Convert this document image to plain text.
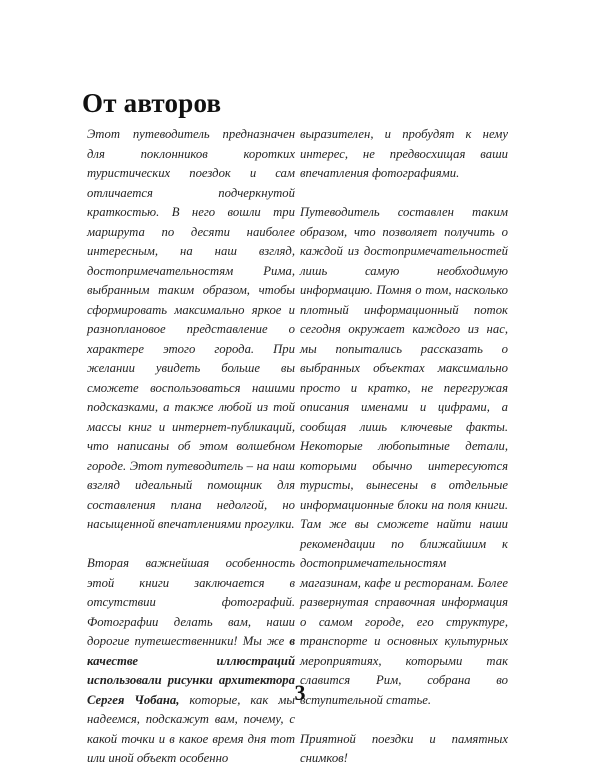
От авторов

Этот путеводитель предназначен для поклонников коротких туристических поездок и сам отличается подчеркнутой краткостью. В него вошли три маршрута по десяти наиболее интересным, на наш взгляд, достопримечательностям Рима, выбранным таким образом, чтобы сформировать максимально яркое и разноплановое представление о характере этого города. При желании увидеть больше вы сможете воспользоваться нашими подсказками, а также любой из той массы книг и интернет-публикаций, что написаны об этом волшебном городе. Этот путеводитель – на наш взгляд идеальный помощник для составления плана недолгой, но насыщенной впечатлениями прогулки.

Вторая важнейшая особенность этой книги заключается в отсутствии фотографий. Фотографии делать вам, наши дорогие путешественники! Мы же в качестве иллюстраций использовали рисунки архитектора Сергея Чобана, которые, как мы надеемся, подскажут вам, почему, с какой точки и в какое время дня тот или иной объект особенно

выразителен, и пробудят к нему интерес, не предвосхищая ваши впечатления фотографиями.

Путеводитель составлен таким образом, что позволяет получить о каждой из достопримечательностей лишь самую необходимую информацию. Помня о том, насколько плотный информационный поток сегодня окружает каждого из нас, мы попытались рассказать о выбранных объектах максимально просто и кратко, не перегружая описания именами и цифрами, а сообщая лишь ключевые факты. Некоторые любопытные детали, которыми обычно интересуются туристы, вынесены в отдельные информационные блоки на поля книги. Там же вы сможете найти наши рекомендации по ближайшим к достопримечательностям магазинам, кафе и ресторанам. Более развернутая справочная информация о самом городе, его структуре, транспорте и основных культурных мероприятиях, которыми так славится Рим, собрана во вступительной статье.

Приятной поездки и памятных снимков!

3
